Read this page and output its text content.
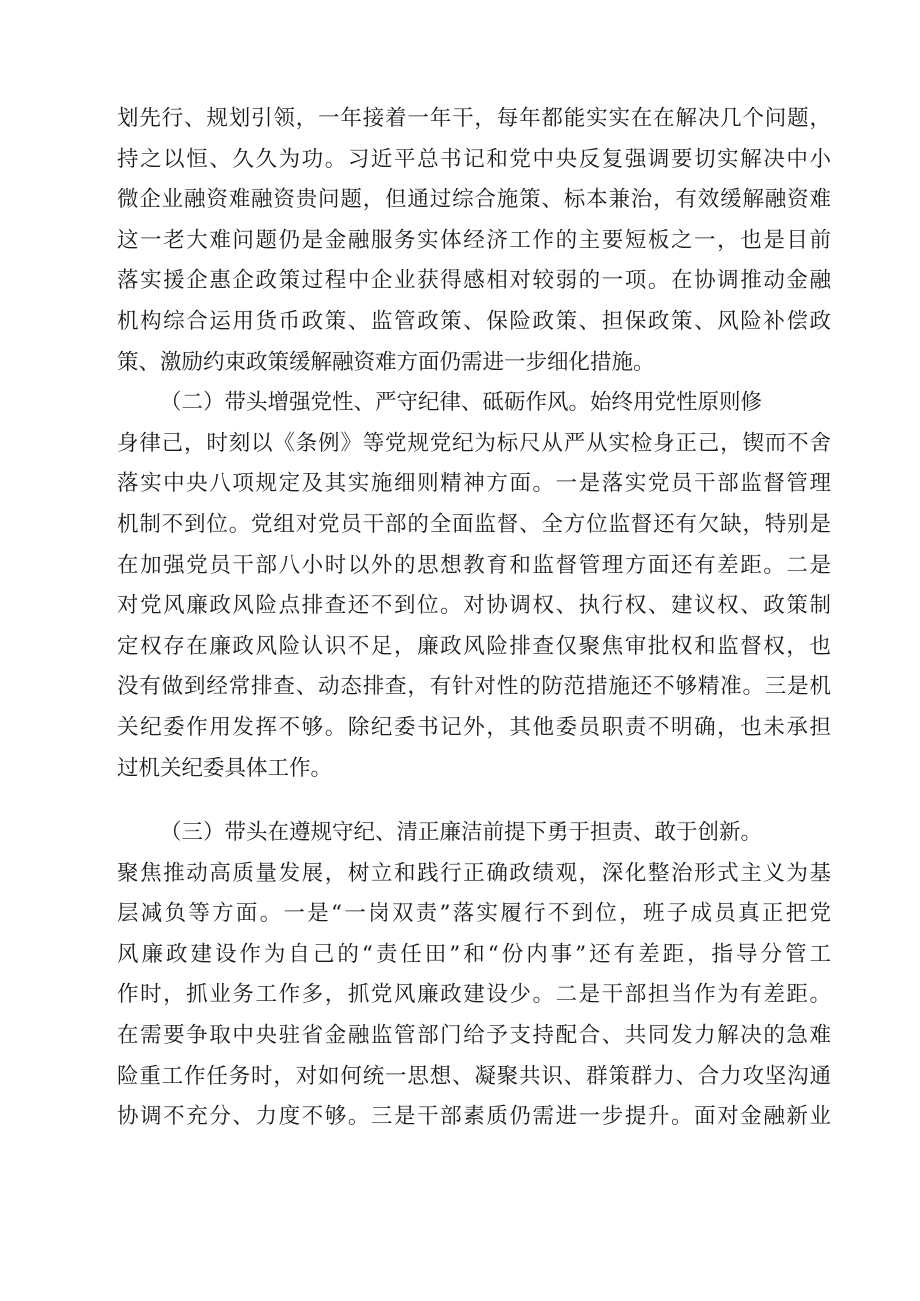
划先行、规划引领，一年接着一年干，每年都能实实在在解决几个问题，
持之以恒、久久为功。习近平总书记和党中央反复强调要切实解决中小
微企业融资难融资贵问题，但通过综合施策、标本兼治，有效缓解融资难
这一老大难问题仍是金融服务实体经济工作的主要短板之一，也是目前
落实援企惠企政策过程中企业获得感相对较弱的一项。在协调推动金融
机构综合运用货币政策、监管政策、保险政策、担保政策、风险补偿政
策、激励约束政策缓解融资难方面仍需进一步细化措施。
（二）带头增强党性、严守纪律、砥砺作风。始终用党性原则修
身律己，时刻以《条例》等党规党纪为标尺从严从实检身正己，锲而不舍
落实中央八项规定及其实施细则精神方面。一是落实党员干部监督管理
机制不到位。党组对党员干部的全面监督、全方位监督还有欠缺，特别是
在加强党员干部八小时以外的思想教育和监督管理方面还有差距。二是
对党风廉政风险点排查还不到位。对协调权、执行权、建议权、政策制
定权存在廉政风险认识不足，廉政风险排查仅聚焦审批权和监督权，也
没有做到经常排查、动态排查，有针对性的防范措施还不够精准。三是机
关纪委作用发挥不够。除纪委书记外，其他委员职责不明确，也未承担
过机关纪委具体工作。
（三）带头在遵规守纪、清正廉洁前提下勇于担责、敢于创新。
聚焦推动高质量发展，树立和践行正确政绩观，深化整治形式主义为基
层减负等方面。一是“一岗双责”落实履行不到位，班子成员真正把党
风廉政建设作为自己的“责任田”和“份内事”还有差距，指导分管工
作时，抓业务工作多，抓党风廉政建设少。二是干部担当作为有差距。
在需要争取中央驻省金融监管部门给予支持配合、共同发力解决的急难
险重工作任务时，对如何统一思想、凝聚共识、群策群力、合力攻坚沟通
协调不充分、力度不够。三是干部素质仍需进一步提升。面对金融新业
